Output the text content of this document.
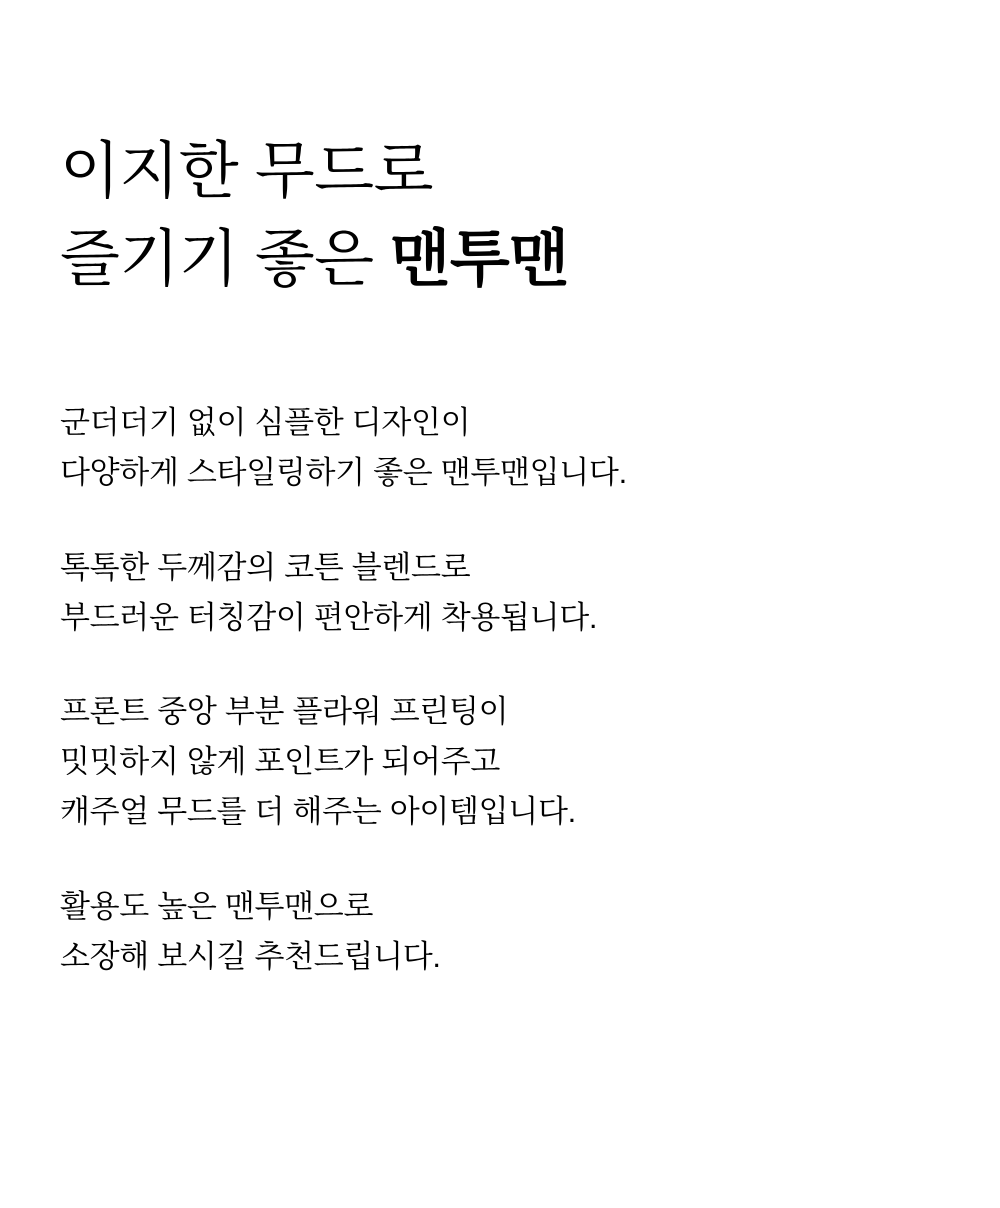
이지한 무드로
즐기기 좋은 맨투맨

군더더기 없이 심플한 디자인이
다양하게 스타일링하기 좋은 맨투맨입니다.

톡톡한 두께감의 코튼 블렌드로
부드러운 터칭감이 편안하게 착용됩니다.

프론트 중앙 부분 플라워 프린팅이
밋밋하지 않게 포인트가 되어주고
캐주얼 무드를 더 해주는 아이템입니다.

활용도 높은 맨투맨으로
소장해 보시길 추천드립니다.
